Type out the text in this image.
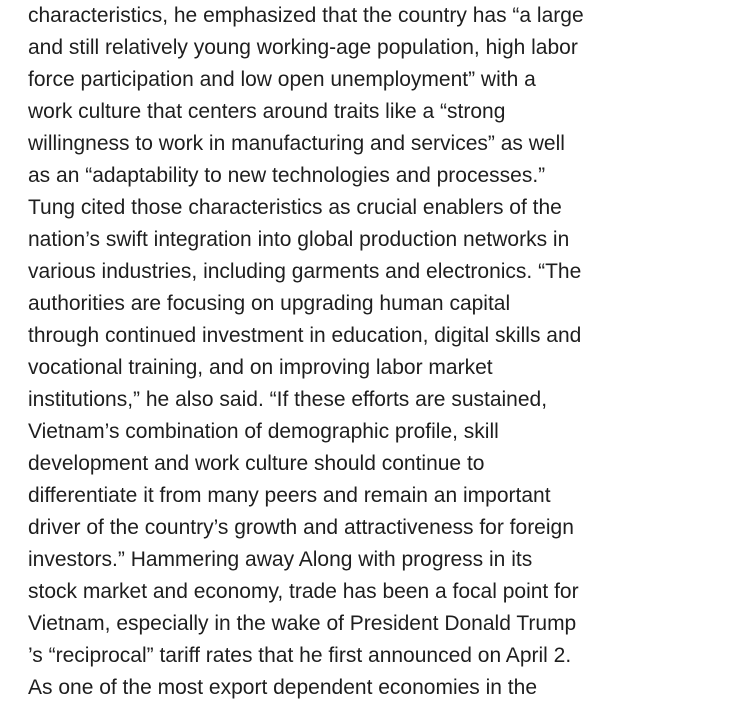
characteristics, he emphasized that the country has “a large
and still relatively young working-age population, high labor
force participation and low open unemployment” with a
work culture that centers around traits like a “strong
willingness to work in manufacturing and services” as well
as an “adaptability to new technologies and processes.”
Tung cited those characteristics as crucial enablers of the
nation’s swift integration into global production networks in
various industries, including garments and electronics. “The
authorities are focusing on upgrading human capital
through continued investment in education, digital skills and
vocational training, and on improving labor market
institutions,” he also said. “If these efforts are sustained,
Vietnam’s combination of demographic profile, skill
development and work culture should continue to
differentiate it from many peers and remain an important
driver of the country’s growth and attractiveness for foreign
investors.” Hammering away Along with progress in its
stock market and economy, trade has been a focal point for
Vietnam, especially in the wake of President Donald Trump
’s “reciprocal” tariff rates that he first announced on April 2.
As one of the most export dependent economies in the
